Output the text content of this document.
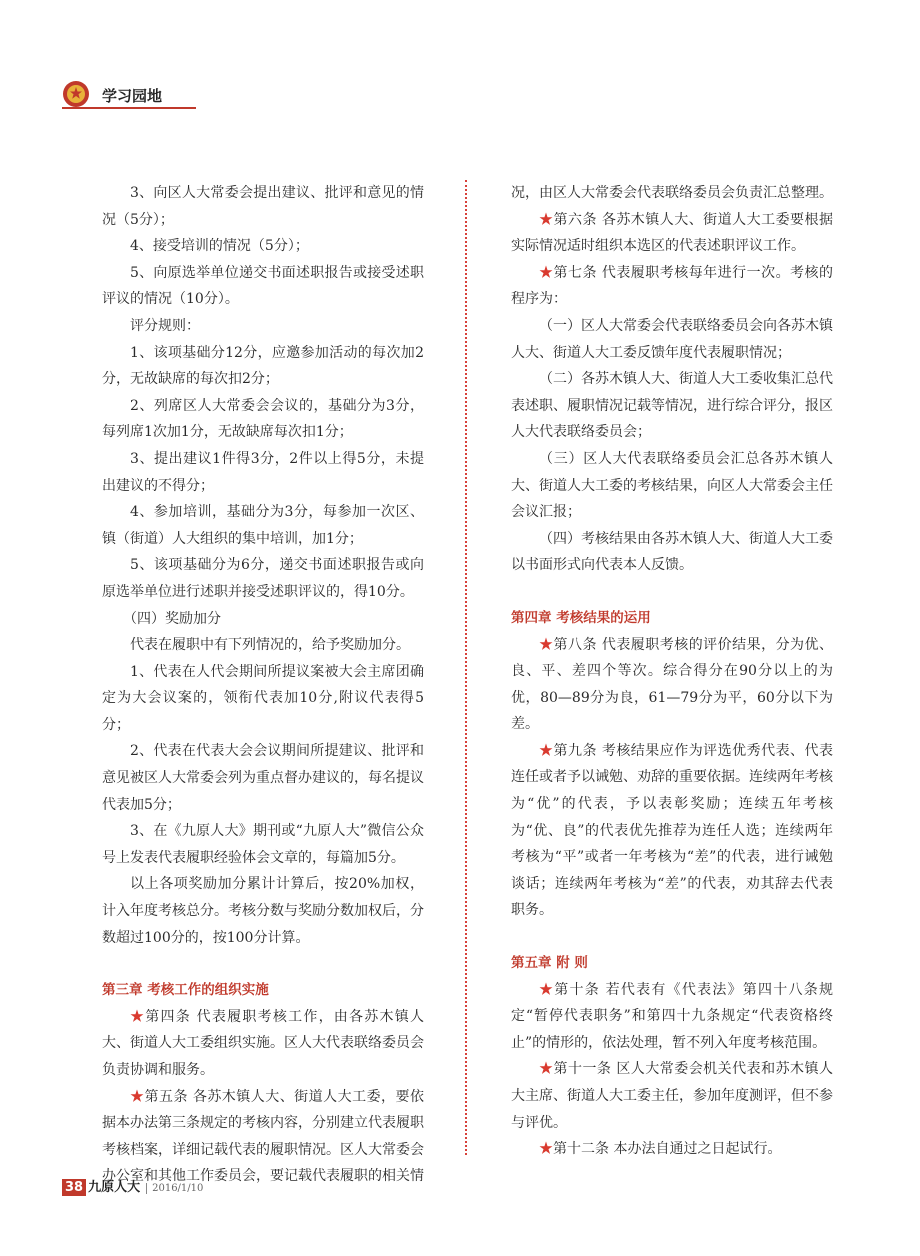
学习园地

3、向区人大常委会提出建议、批评和意见的情况（5分）；

4、接受培训的情况（5分）；

5、向原选举单位递交书面述职报告或接受述职评议的情况（10分）。

评分规则：

1、该项基础分12分，应邀参加活动的每次加2分，无故缺席的每次扣2分；

2、列席区人大常委会会议的，基础分为3分，每列席1次加1分，无故缺席每次扣1分；

3、提出建议1件得3分，2件以上得5分，未提出建议的不得分；

4、参加培训，基础分为3分，每参加一次区、镇（街道）人大组织的集中培训，加1分；

5、该项基础分为6分，递交书面述职报告或向原选举单位进行述职并接受述职评议的，得10分。

（四）奖励加分

代表在履职中有下列情况的，给予奖励加分。

1、代表在人代会期间所提议案被大会主席团确定为大会议案的，领衔代表加10分,附议代表得5分；

2、代表在代表大会会议期间所提建议、批评和意见被区人大常委会列为重点督办建议的，每名提议代表加5分；

3、在《九原人大》期刊或“九原人大”微信公众号上发表代表履职经验体会文章的，每篇加5分。

以上各项奖励加分累计计算后，按20%加权，计入年度考核总分。考核分数与奖励分数加权后，分数超过100分的，按100分计算。

第三章 考核工作的组织实施

★第四条 代表履职考核工作，由各苏木镇人大、街道人大工委组织实施。区人大代表联络委员会负责协调和服务。

★第五条 各苏木镇人大、街道人大工委，要依据本办法第三条规定的考核内容，分别建立代表履职考核档案，详细记载代表的履职情况。区人大常委会办公室和其他工作委员会，要记载代表履职的相关情

况，由区人大常委会代表联络委员会负责汇总整理。

★第六条 各苏木镇人大、街道人大工委要根据实际情况适时组织本选区的代表述职评议工作。

★第七条 代表履职考核每年进行一次。考核的程序为：

（一）区人大常委会代表联络委员会向各苏木镇人大、街道人大工委反馈年度代表履职情况；

（二）各苏木镇人大、街道人大工委收集汇总代表述职、履职情况记载等情况，进行综合评分，报区人大代表联络委员会；

（三）区人大代表联络委员会汇总各苏木镇人大、街道人大工委的考核结果，向区人大常委会主任会议汇报；

（四）考核结果由各苏木镇人大、街道人大工委以书面形式向代表本人反馈。

第四章 考核结果的运用

★第八条 代表履职考核的评价结果，分为优、良、平、差四个等次。综合得分在90分以上的为优，80—89分为良，61—79分为平，60分以下为差。

★第九条 考核结果应作为评选优秀代表、代表连任或者予以诫勉、劝辞的重要依据。连续两年考核为“优”的代表，予以表彰奖励；连续五年考核为“优、良”的代表优先推荐为连任人选；连续两年考核为“平”或者一年考核为“差”的代表，进行诫勉谈话；连续两年考核为“差”的代表，劝其辞去代表职务。

第五章 附 则

★第十条 若代表有《代表法》第四十八条规定“暂停代表职务”和第四十九条规定“代表资格终止”的情形的，依法处理，暂不列入年度考核范围。

★第十一条 区人大常委会机关代表和苏木镇人大主席、街道人大工委主任，参加年度测评，但不参与评优。

★第十二条 本办法自通过之日起试行。

38 九原人大 2016/1/10
